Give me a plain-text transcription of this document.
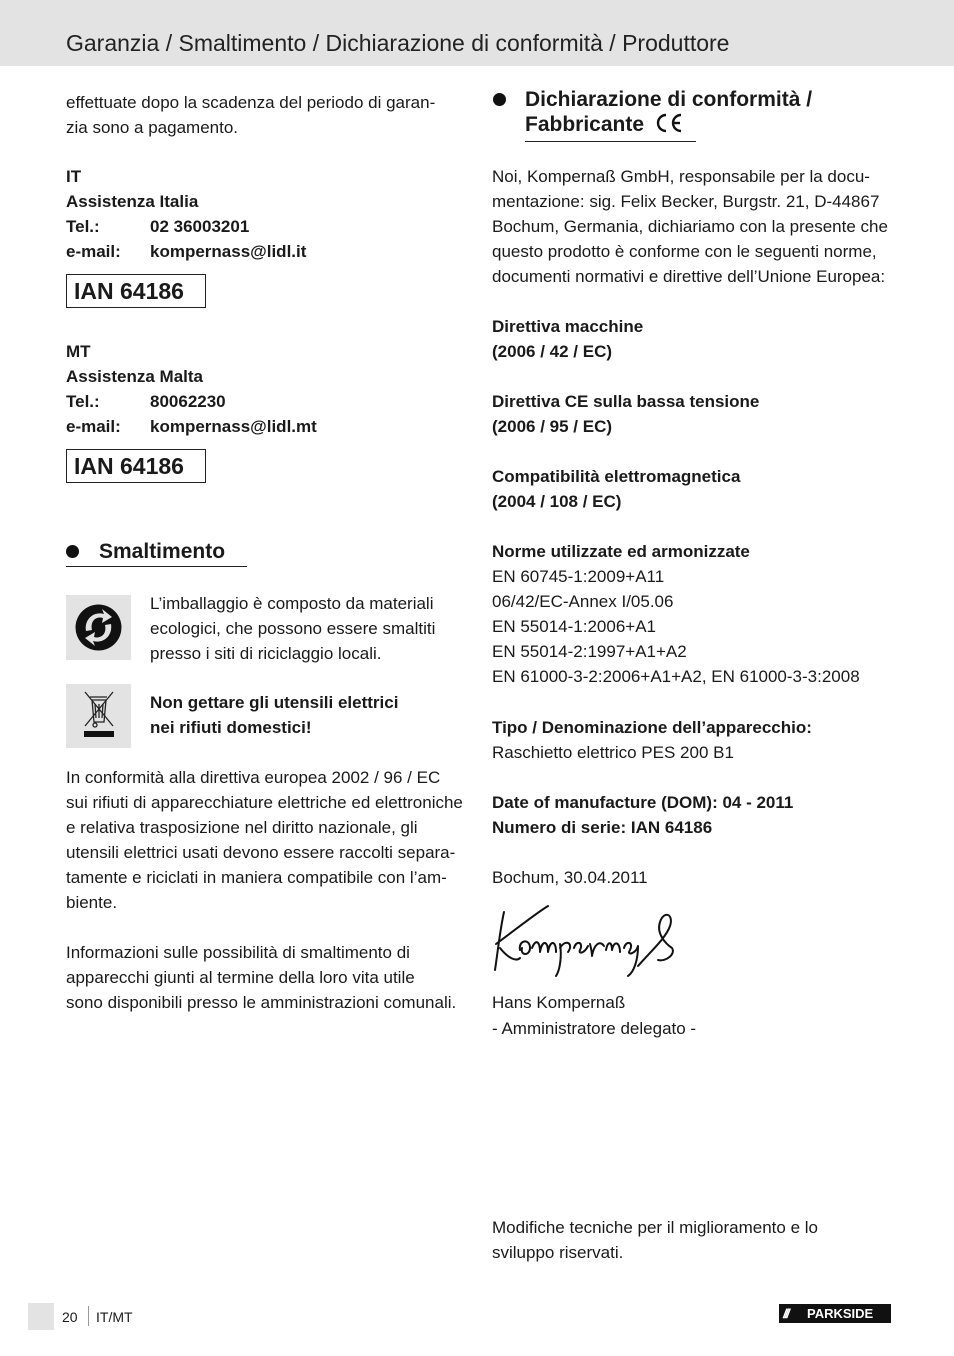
Garanzia / Smaltimento / Dichiarazione di conformità / Produttore

effettuate dopo la scadenza del periodo di garan-

zia sono a pagamento.

IT
Assistenza Italia
Tel.:	02 36003201
e-mail: kompernass@lidl.it
IAN 64186
MT
Assistenza Malta
Tel.:	80062230
e-mail: kompernass@lidl.mt
IAN 64186
Smaltimento

L’imballaggio è composto da materiali

ecologici, che possono essere smaltiti

presso i siti di riciclaggio locali.

Non gettare gli utensili elettrici

nei rifiuti domestici!

In conformità alla direttiva europea 2002 / 96 / EC

sui rifiuti di apparecchiature elettriche ed elettroniche

e relativa trasposizione nel diritto nazionale, gli

utensili elettrici usati devono essere raccolti separa-

tamente e riciclati in maniera compatibile con l’am-

biente.

Informazioni sulle possibilità di smaltimento di

apparecchi giunti al termine della loro vita utile

sono disponibili presso le amministrazioni comunali.

Dichiarazione di conformità /
Fabbricante

Noi, Kompernaß GmbH, responsabile per la docu-

mentazione: sig. Felix Becker, Burgstr. 21, D-44867

Bochum, Germania, dichiariamo con la presente che

questo prodotto è conforme con le seguenti norme,

documenti normativi e direttive dell’Unione Europea:

Direttiva macchine

(2006 / 42 / EC)

Direttiva CE sulla bassa tensione

(2006 / 95 / EC)

Compatibilità elettromagnetica

(2004 / 108 / EC)

Norme utilizzate ed armonizzate

EN 60745-1:2009+A11

06/42/EC-Annex I/05.06

EN 55014-1:2006+A1

EN 55014-2:1997+A1+A2

EN 61000-3-2:2006+A1+A2, EN 61000-3-3:2008

Tipo / Denominazione dell’apparecchio:

Raschietto elettrico PES 200 B1

Date of manufacture (DOM): 04 - 2011

Numero di serie: IAN 64186

Bochum, 30.04.2011

Hans Kompernaß

- Amministratore delegato -

Modifiche tecniche per il miglioramento e lo

sviluppo riservati.

20 IT/MT	/// PARKSIDE
